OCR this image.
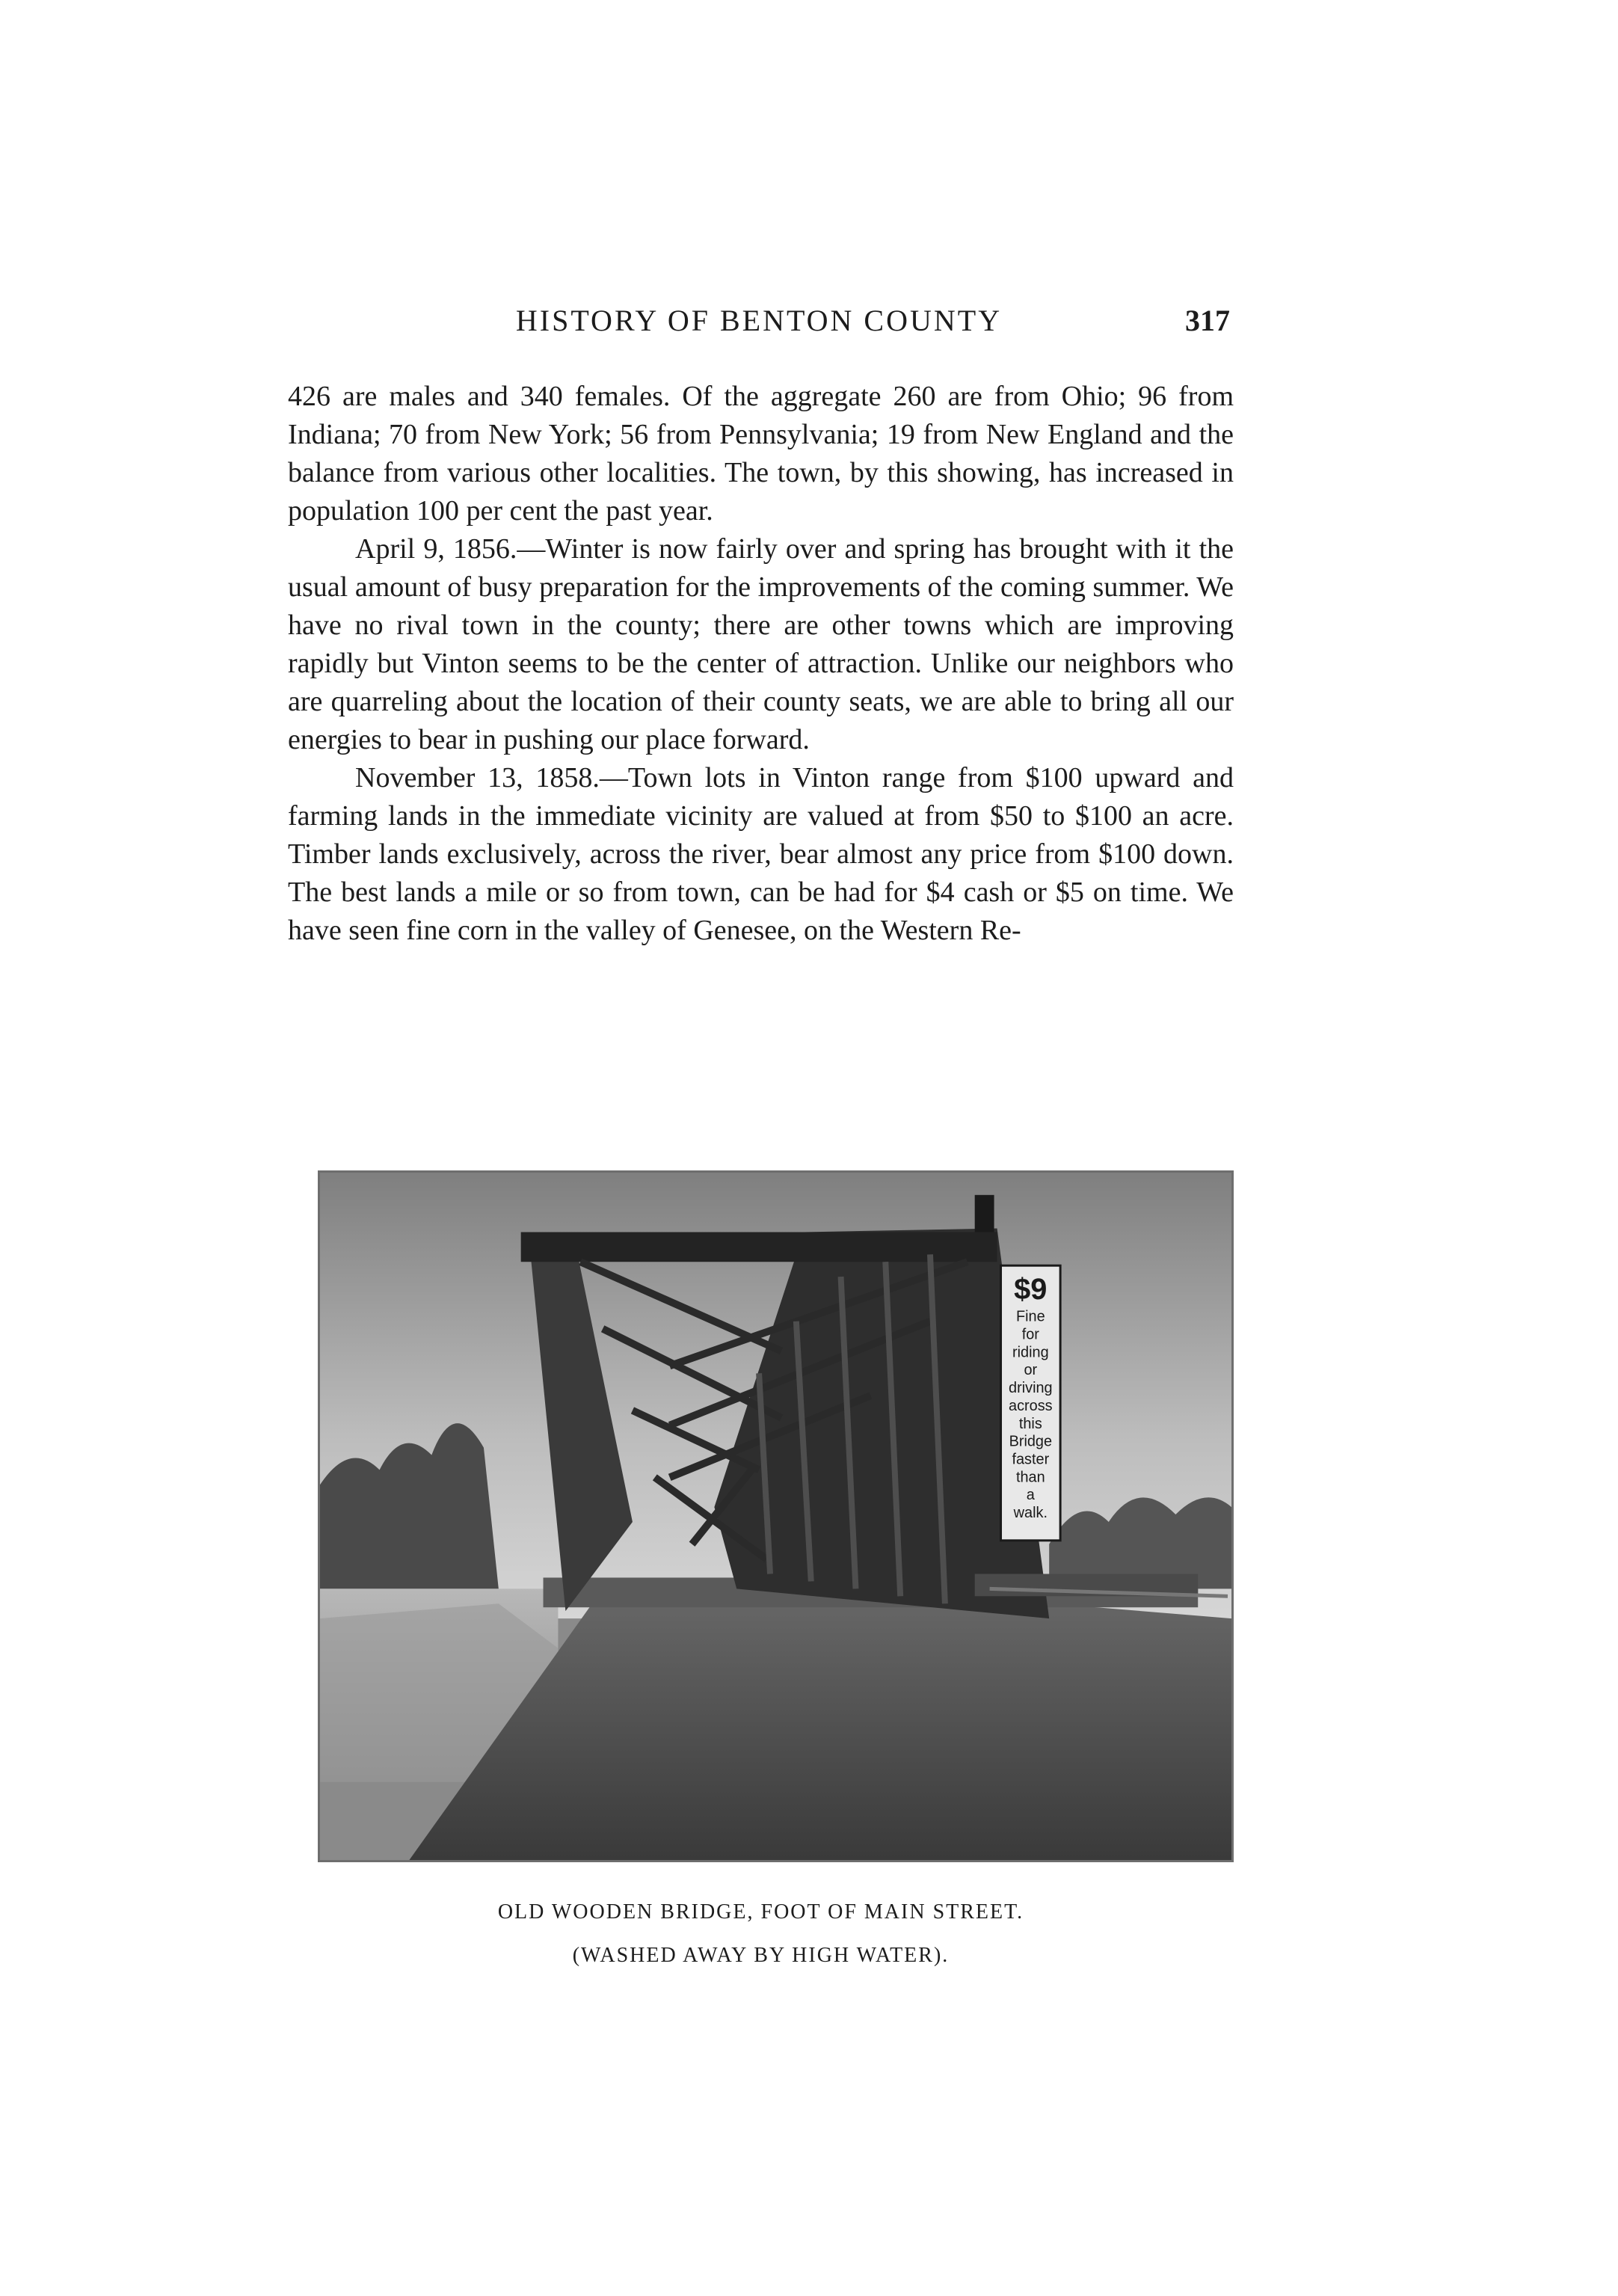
HISTORY OF BENTON COUNTY	317

426 are males and 340 females. Of the aggregate 260 are from Ohio; 96 from Indiana; 70 from New York; 56 from Pennsylvania; 19 from New England and the balance from various other localities. The town, by this showing, has increased in population 100 per cent the past year.

April 9, 1856.—Winter is now fairly over and spring has brought with it the usual amount of busy preparation for the improvements of the coming summer. We have no rival town in the county; there are other towns which are improving rapidly but Vinton seems to be the center of attraction. Unlike our neighbors who are quarreling about the location of their county seats, we are able to bring all our energies to bear in pushing our place forward.

November 13, 1858.—Town lots in Vinton range from $100 upward and farming lands in the immediate vicinity are valued at from $50 to $100 an acre. Timber lands exclusively, across the river, bear almost any price from $100 down. The best lands a mile or so from town, can be had for $4 cash or $5 on time. We have seen fine corn in the valley of Genesee, on the Western Re-

$9
Fine
for
riding
or
driving
across
this
Bridge
faster
than
a
walk.
OLD WOODEN BRIDGE, FOOT OF MAIN STREET.
(WASHED AWAY BY HIGH WATER).
